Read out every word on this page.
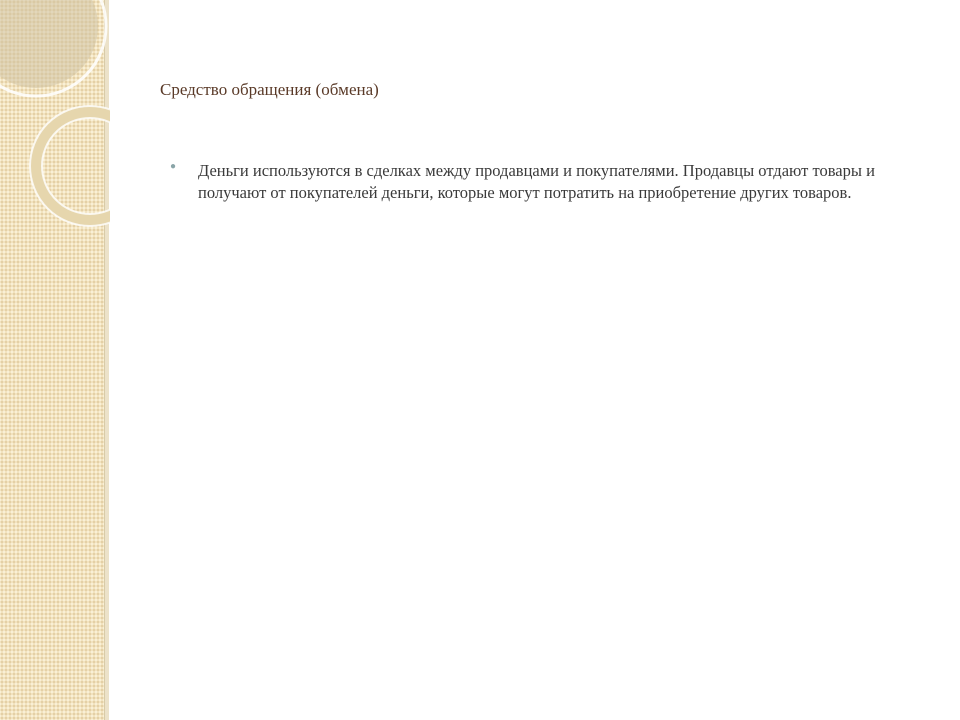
Средство обращения (обмена)
● Деньги используются в сделках между продавцами и покупателями. Продавцы отдают товары и получают от покупателей деньги, которые могут потратить на приобретение других товаров.
